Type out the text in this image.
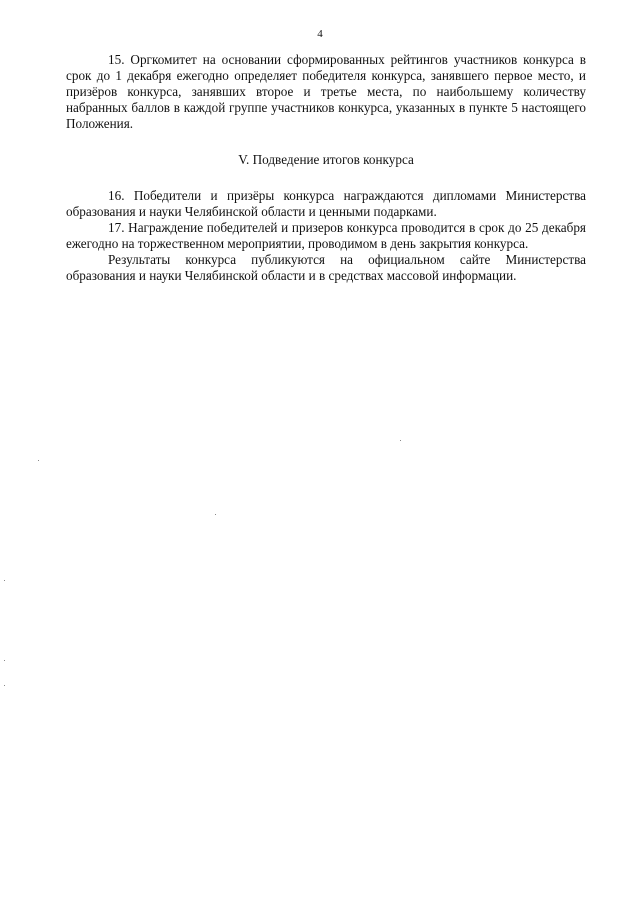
4

15. Оргкомитет на основании сформированных рейтингов участников конкурса в срок до 1 декабря ежегодно определяет победителя конкурса, занявшего первое место, и призёров конкурса, занявших второе и третье места, по наибольшему количеству набранных баллов в каждой группе участников конкурса, указанных в пункте 5 настоящего Положения.

V. Подведение итогов конкурса

16. Победители и призёры конкурса награждаются дипломами Министерства образования и науки Челябинской области и ценными подарками.

17. Награждение победителей и призеров конкурса проводится в срок до 25 декабря ежегодно на торжественном мероприятии, проводимом в день закрытия конкурса.

Результаты конкурса публикуются на официальном сайте Министерства образования и науки Челябинской области и в средствах массовой информации.
